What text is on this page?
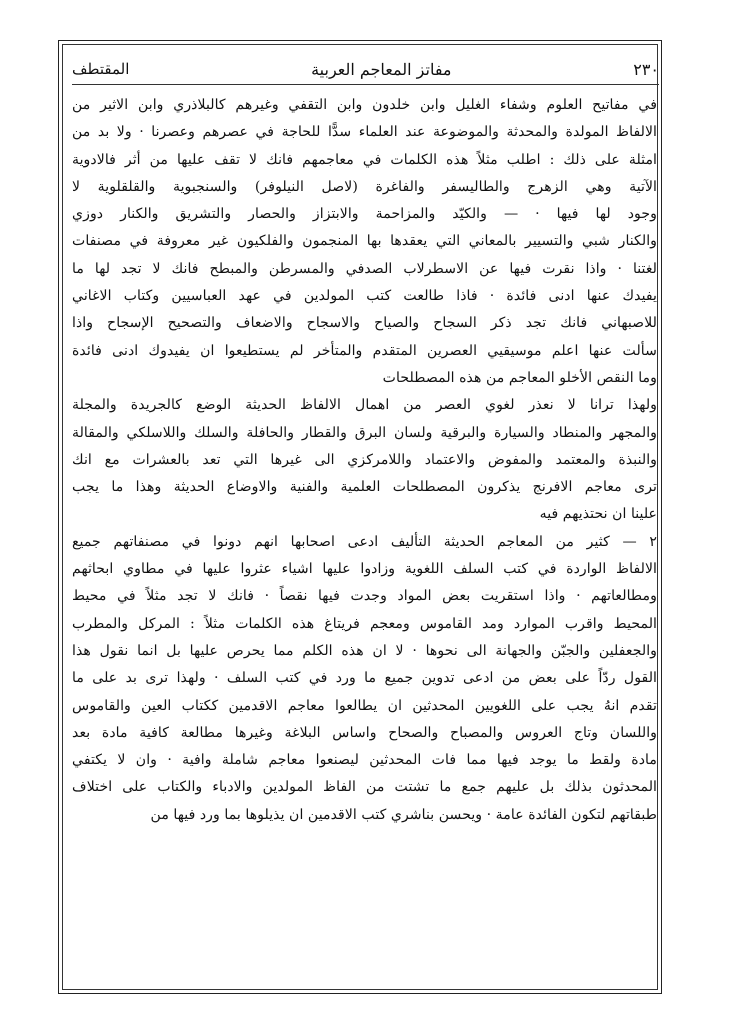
٢٣٠
مفاتز المعاجم العربية
المقتطف

في مفاتيح العلوم وشفاء الغليل وابن خلدون وابن التقفي وغيرهم كالبلاذري وابن الاثير من
الالفاظ المولدة والمحدثة والموضوعة عند العلماء سدًّا للحاجة في عصرهم وعصرنا · ولا بد من
امثلة على ذلك : اطلب مثلاً هذه الكلمات في معاجمهم فانك لا تقف عليها من أثر فالادوية
الآتية وهي الزهرج والطاليسفر والفاغرة (لاصل النيلوفر) والسنجبوية والقلقلوية لا
وجود لها فيها · — والكيّد والمزاحمة والابتزاز والحصار والتشريق والكنار دوزي
والكنار شبي والتسيير بالمعاني التي يعقدها بها المنجمون والفلكيون غير معروفة في مصنفات
لغتنا · واذا نقرت فيها عن الاسطرلاب الصدفي والمسرطن والمبطح فانك لا تجد لها ما
يفيدك عنها ادنى فائدة · فاذا طالعت كتب المولدين في عهد العباسيين وكتاب الاغاني
للاصبهاني فانك تجد ذكر السجاح والصياح والاسجاح والاضعاف والتصحيح الإسجاح واذا
سألت عنها اعلم موسيقيي العصرين المتقدم والمتأخر لم يستطيعوا ان يفيدوك ادنى فائدة
وما النقص الأخلو المعاجم من هذه المصطلحات

ولهذا ترانا لا نعذر لغوي العصر من اهمال الالفاظ الحديثة الوضع كالجريدة والمجلة
والمجهر والمنطاد والسيارة والبرقية ولسان البرق والقطار والحافلة والسلك واللاسلكي والمقالة
والنبذة والمعتمد والمفوض والاعتماد واللامركزي الى غيرها التي تعد بالعشرات مع انك
ترى معاجم الافرنج يذكرون المصطلحات العلمية والفنية والاوضاع الحديثة وهذا ما يجب
علينا ان نحتذيهم فيه

٢ — كثير من المعاجم الحديثة التأليف ادعى اصحابها انهم دونوا في مصنفاتهم جميع
الالفاظ الواردة في كتب السلف اللغوية وزادوا عليها اشياء عثروا عليها في مطاوي ابحاثهم
ومطالعاتهم · واذا استقريت بعض المواد وجدت فيها نقصاً · فانك لا تجد مثلاً في محيط
المحيط واقرب الموارد ومد القاموس ومعجم فريتاغ هذه الكلمات مثلاً : المركل والمطرب
والجعفلين والجبّن والجهانة الى نحوها · لا ان هذه الكلم مما يحرص عليها بل انما نقول هذا
القول ردّاً على بعض من ادعى تدوين جميع ما ورد في كتب السلف · ولهذا ترى بد على ما
تقدم انهُ يجب على اللغويين المحدثين ان يطالعوا معاجم الاقدمين ككتاب العين والقاموس
واللسان وتاج العروس والمصباح والصحاح واساس البلاغة وغيرها مطالعة كافية مادة بعد
مادة ولقط ما يوجد فيها مما فات المحدثين ليصنعوا معاجم شاملة وافية · وان لا يكتفي
المحدثون بذلك بل عليهم جمع ما تشتت من الفاظ المولدين والادباء والكتاب على اختلاف
طبقاتهم لتكون الفائدة عامة · ويحسن بناشري كتب الاقدمين ان يذيلوها بما ورد فيها من
